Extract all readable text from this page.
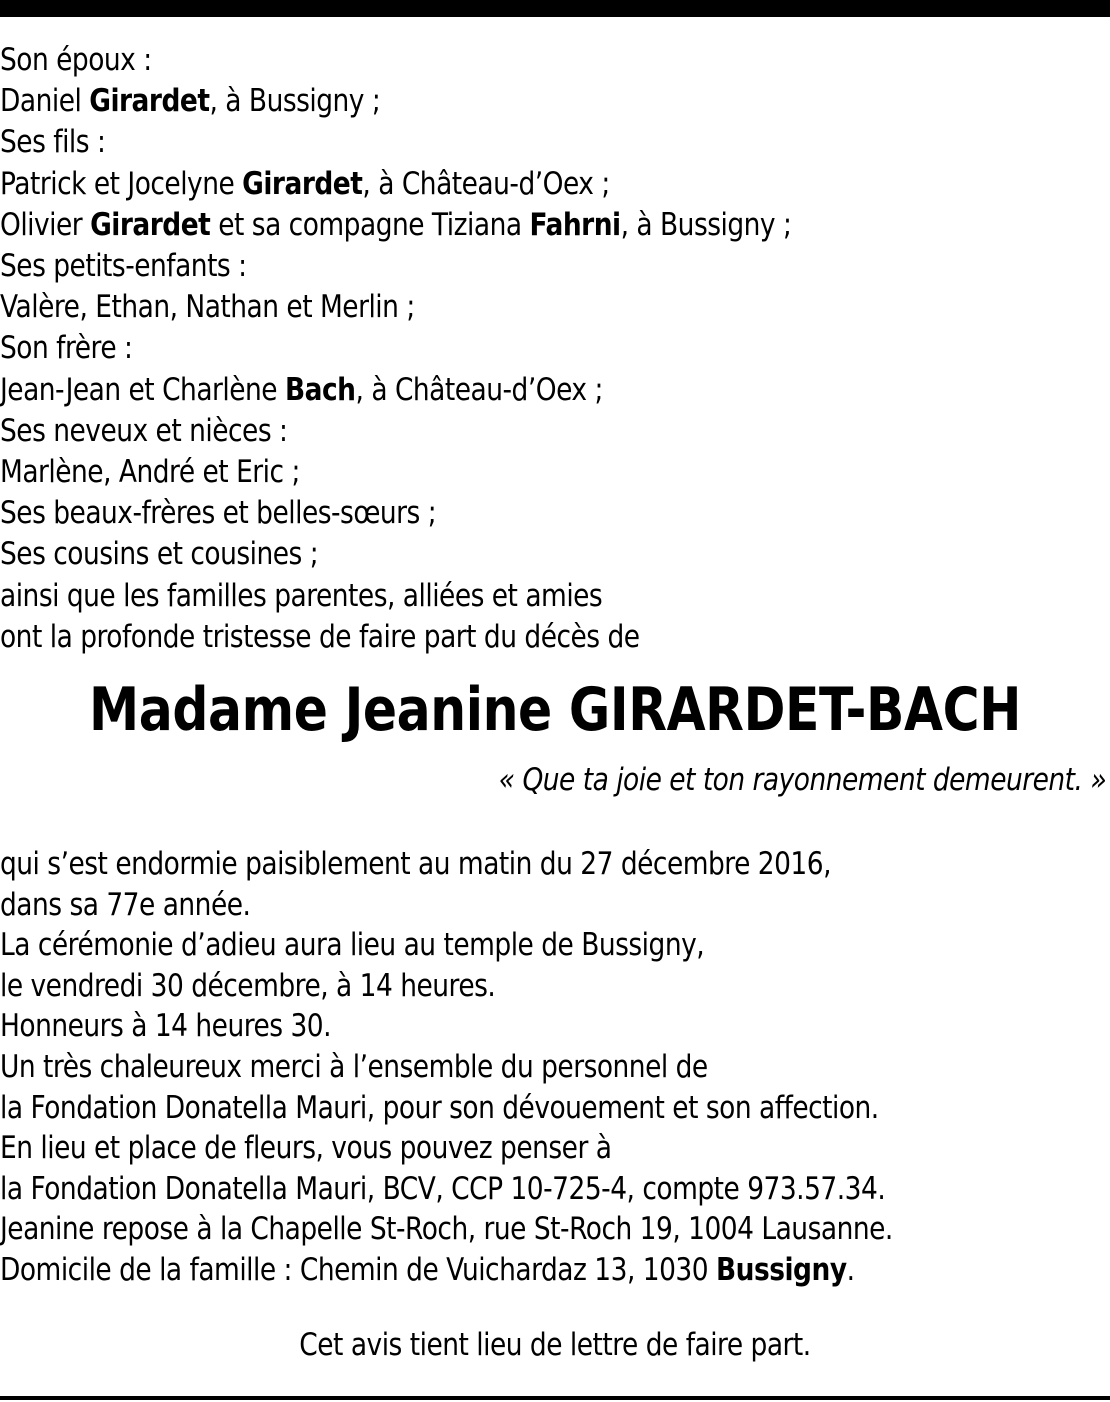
Son époux :
Daniel Girardet, à Bussigny ;
Ses fils :
Patrick et Jocelyne Girardet, à Château-d’Oex ;
Olivier Girardet et sa compagne Tiziana Fahrni, à Bussigny ;
Ses petits-enfants :
Valère, Ethan, Nathan et Merlin ;
Son frère :
Jean-Jean et Charlène Bach, à Château-d’Oex ;
Ses neveux et nièces :
Marlène, André et Eric ;
Ses beaux-frères et belles-sœurs ;
Ses cousins et cousines ;
ainsi que les familles parentes, alliées et amies
ont la profonde tristesse de faire part du décès de
Madame Jeanine GIRARDET-BACH
« Que ta joie et ton rayonnement demeurent. »
qui s’est endormie paisiblement au matin du 27 décembre 2016,
dans sa 77e année.
La cérémonie d’adieu aura lieu au temple de Bussigny,
le vendredi 30 décembre, à 14 heures.
Honneurs à 14 heures 30.
Un très chaleureux merci à l’ensemble du personnel de
la Fondation Donatella Mauri, pour son dévouement et son affection.
En lieu et place de fleurs, vous pouvez penser à
la Fondation Donatella Mauri, BCV, CCP 10-725-4, compte 973.57.34.
Jeanine repose à la Chapelle St-Roch, rue St-Roch 19, 1004 Lausanne.
Domicile de la famille : Chemin de Vuichardaz 13, 1030 Bussigny.
Cet avis tient lieu de lettre de faire part.
